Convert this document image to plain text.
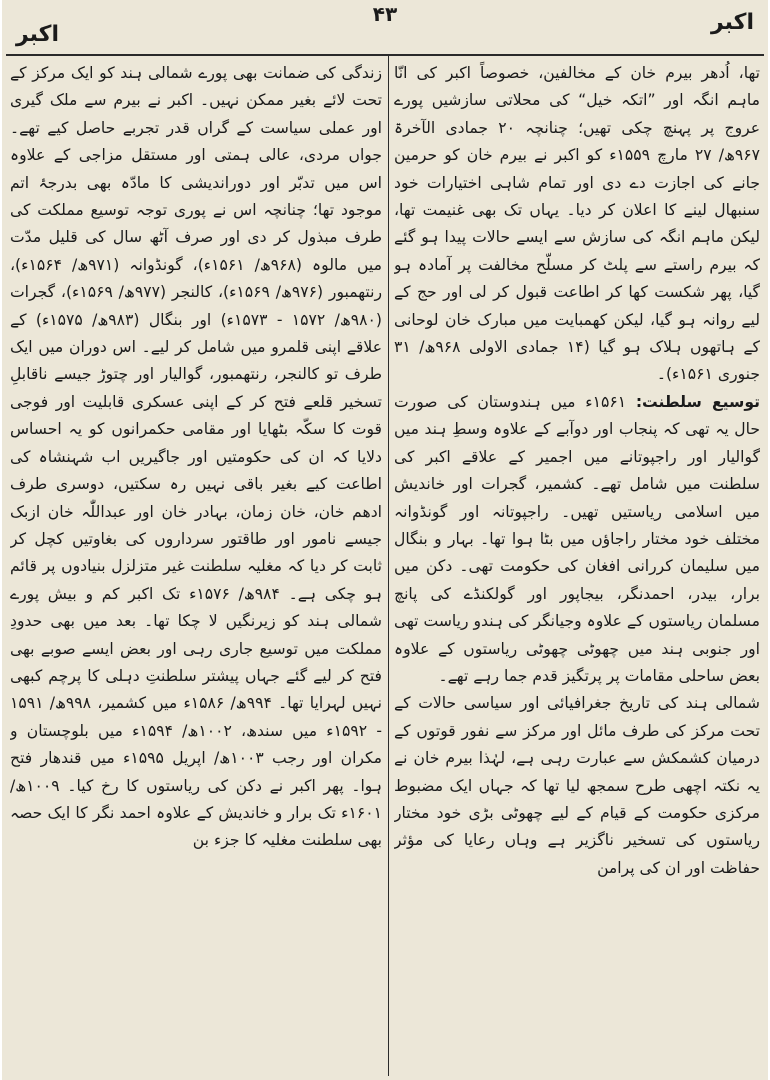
اکبر
۴۳	اکبر

تھا، اُدھر بیرم خان کے مخالفین، خصوصاً اکبر کی انّا ماہم انگہ اور ”اتکہ خیل“ کی محلاتی سازشیں پورے عروج پر پہنچ چکی تھیں؛ چنانچہ ۲۰ جمادی الآخرۃ ۹۶۷ھ/ ۲۷ مارچ ۱۵۵۹ء کو اکبر نے بیرم خان کو حرمین جانے کی اجازت دے دی اور تمام شاہی اختیارات خود سنبھال لینے کا اعلان کر دیا۔ یہاں تک بھی غنیمت تھا، لیکن ماہم انگہ کی سازش سے ایسے حالات پیدا ہو گئے کہ بیرم راستے سے پلٹ کر مسلّح مخالفت پر آمادہ ہو گیا، پھر شکست کھا کر اطاعت قبول کر لی اور حج کے لیے روانہ ہو گیا، لیکن کھمبایت میں مبارک خان لوحانی کے ہاتھوں ہلاک ہو گیا (۱۴ جمادی الاولی ۹۶۸ھ/ ۳۱ جنوری ۱۵۶۱ء)۔

توسیع سلطنت: ۱۵۶۱ء میں ہندوستان کی صورت حال یہ تھی کہ پنجاب اور دوآبے کے علاوہ وسطِ ہند میں گوالیار اور راجپوتانے میں اجمیر کے علاقے اکبر کی سلطنت میں شامل تھے۔ کشمیر، گجرات اور خاندیش میں اسلامی ریاستیں تھیں۔ راجپوتانہ اور گونڈوانہ مختلف خود مختار راجاؤں میں بٹا ہوا تھا۔ بہار و بنگال میں سلیمان کررانی افغان کی حکومت تھی۔ دکن میں برار، بیدر، احمدنگر، بیجاپور اور گولکنڈے کی پانچ مسلمان ریاستوں کے علاوہ وجیانگر کی ہندو ریاست تھی اور جنوبی ہند میں چھوٹی چھوٹی ریاستوں کے علاوہ بعض ساحلی مقامات پر پرتگیز قدم جما رہے تھے۔

شمالی ہند کی تاریخ جغرافیائی اور سیاسی حالات کے تحت مرکز کی طرف مائل اور مرکز سے نفور قوتوں کے درمیان کشمکش سے عبارت رہی ہے، لہٰذا بیرم خان نے یہ نکتہ اچھی طرح سمجھ لیا تھا کہ جہاں ایک مضبوط مرکزی حکومت کے قیام کے لیے چھوٹی بڑی خود مختار ریاستوں کی تسخیر ناگزیر ہے وہاں رعایا کی مؤثر حفاظت اور ان کی پرامن

زندگی کی ضمانت بھی پورے شمالی ہند کو ایک مرکز کے تحت لائے بغیر ممکن نہیں۔ اکبر نے بیرم سے ملک گیری اور عملی سیاست کے گراں قدر تجربے حاصل کیے تھے۔ جواں مردی، عالی ہمتی اور مستقل مزاجی کے علاوہ اس میں تدبّر اور دوراندیشی کا مادّہ بھی بدرجۂ اتم موجود تھا؛ چنانچہ اس نے پوری توجہ توسیع مملکت کی طرف مبذول کر دی اور صرف آٹھ سال کی قلیل مدّت میں مالوہ (۹۶۸ھ/ ۱۵۶۱ء)، گونڈوانہ (۹۷۱ھ/ ۱۵۶۴ء)، رنتھمبور (۹۷۶ھ/ ۱۵۶۹ء)، کالنجر (۹۷۷ھ/ ۱۵۶۹ء)، گجرات (۹۸۰ھ/ ۱۵۷۲ - ۱۵۷۳ء) اور بنگال (۹۸۳ھ/ ۱۵۷۵ء) کے علاقے اپنی قلمرو میں شامل کر لیے۔ اس دوران میں ایک طرف تو کالنجر، رنتھمبور، گوالیار اور چتوڑ جیسے ناقابلِ تسخیر قلعے فتح کر کے اپنی عسکری قابلیت اور فوجی قوت کا سکّہ بٹھایا اور مقامی حکمرانوں کو یہ احساس دلایا کہ ان کی حکومتیں اور جاگیریں اب شہنشاہ کی اطاعت کیے بغیر باقی نہیں رہ سکتیں، دوسری طرف ادھم خان، خان زمان، بہادر خان اور عبداللّٰہ خان ازبک جیسے نامور اور طاقتور سرداروں کی بغاوتیں کچل کر ثابت کر دیا کہ مغلیہ سلطنت غیر متزلزل بنیادوں پر قائم ہو چکی ہے۔ ۹۸۴ھ/ ۱۵۷۶ء تک اکبر کم و بیش پورے شمالی ہند کو زیرنگیں لا چکا تھا۔ بعد میں بھی حدودِ مملکت میں توسیع جاری رہی اور بعض ایسے صوبے بھی فتح کر لیے گئے جہاں پیشتر سلطنتِ دہلی کا پرچم کبھی نہیں لہرایا تھا۔ ۹۹۴ھ/ ۱۵۸۶ء میں کشمیر، ۹۹۸ھ/ ۱۵۹۱ - ۱۵۹۲ء میں سندھ، ۱۰۰۲ھ/ ۱۵۹۴ء میں بلوچستان و مکران اور رجب ۱۰۰۳ھ/ اپریل ۱۵۹۵ء میں قندھار فتح ہوا۔ پھر اکبر نے دکن کی ریاستوں کا رخ کیا۔ ۱۰۰۹ھ/ ۱۶۰۱ء تک برار و خاندیش کے علاوہ احمد نگر کا ایک حصہ بھی سلطنت مغلیہ کا جزء بن
